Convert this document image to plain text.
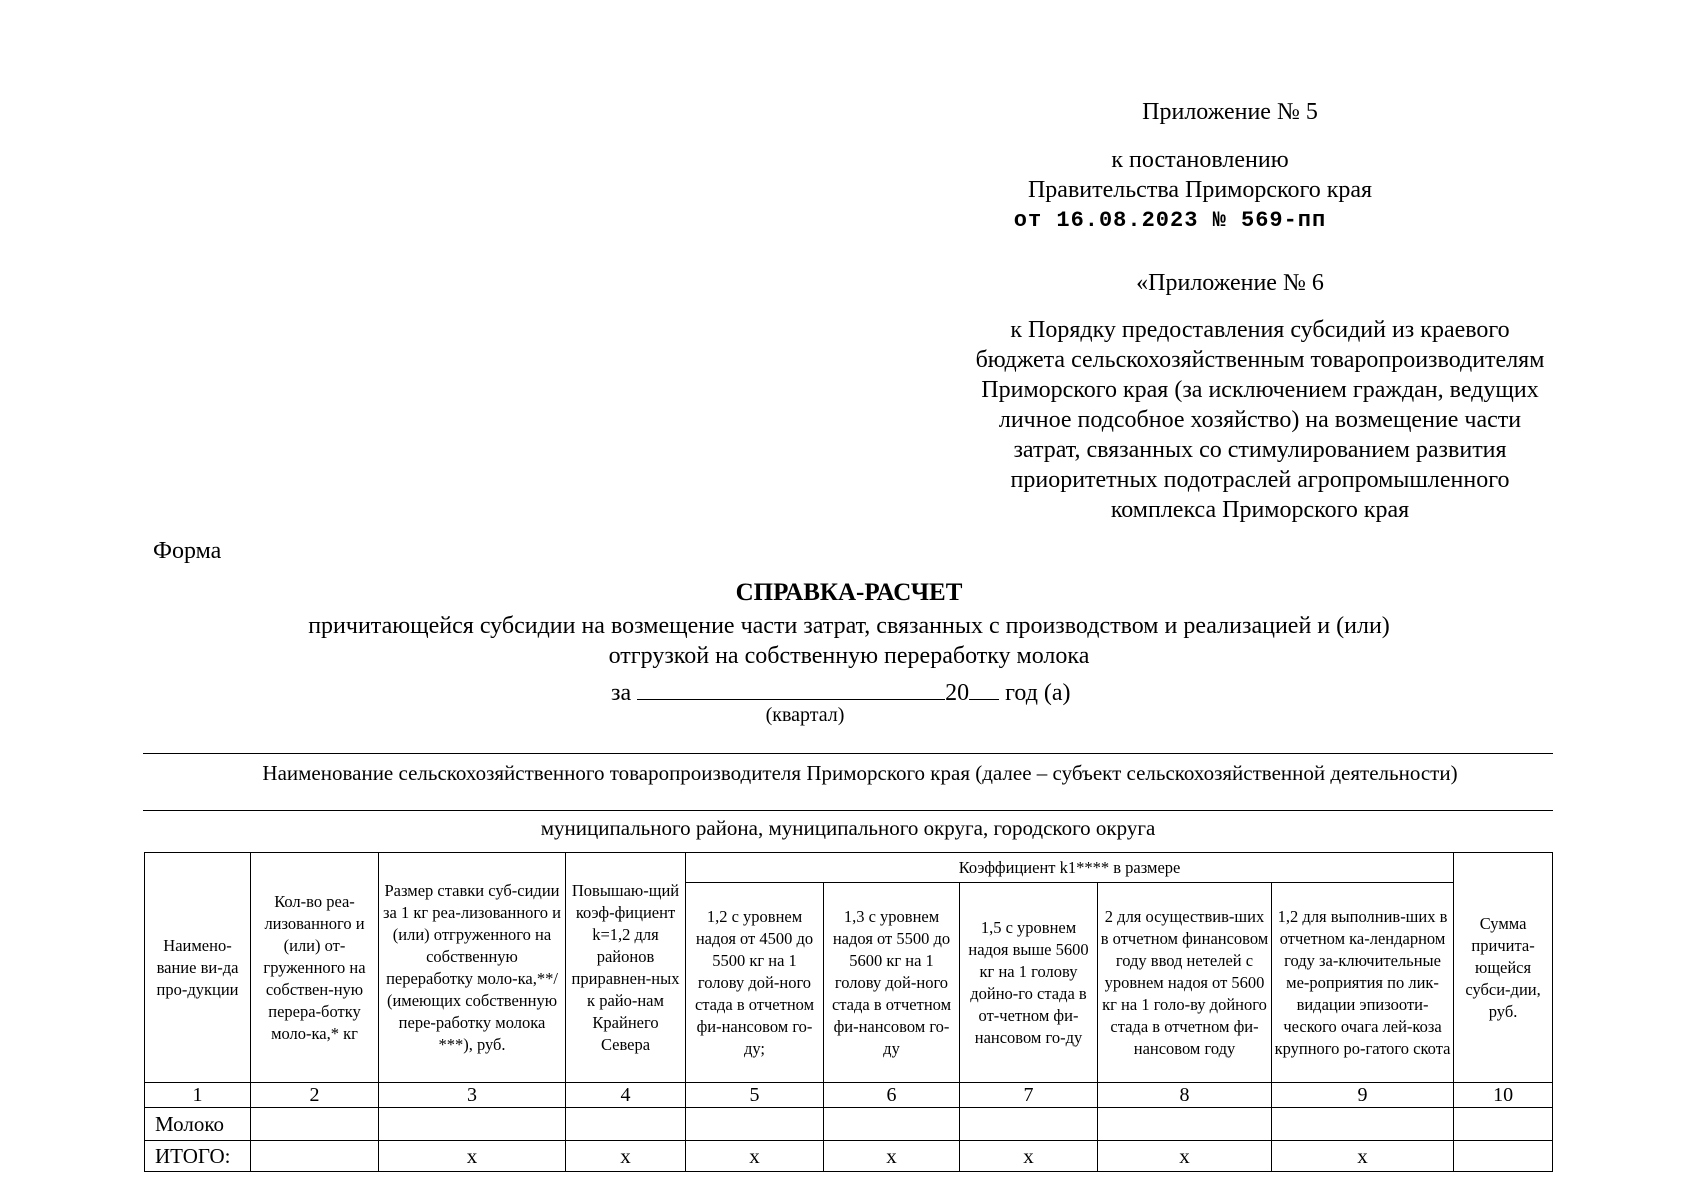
Приложение № 5
к постановлению
Правительства Приморского края
от 16.08.2023 № 569-пп
«Приложение № 6
к Порядку предоставления субсидий из краевого
бюджета сельскохозяйственным товаропроизводителям
Приморского края (за исключением граждан, ведущих
личное подсобное хозяйство) на возмещение части
затрат, связанных со стимулированием развития
приоритетных подотраслей агропромышленного
комплекса Приморского края
Форма
СПРАВКА-РАСЧЕТ
причитающейся субсидии на возмещение части затрат, связанных с производством и реализацией и (или)
отгрузкой на собственную переработку молока
за	20 год (а)
(квартал)
Наименование сельскохозяйственного товаропроизводителя Приморского края (далее – субъект сельскохозяйственной деятельности)
муниципального района, муниципального округа, городского округа
Наимено-вание ви-да про-дукции	Кол-во реа-лизованного и (или) от-груженного на собствен-ную перера-ботку моло-ка,* кг	Размер ставки суб-сидии за 1 кг реа-лизованного и (или) отгруженного на собственную переработку моло-ка,**/ (имеющих собственную пере-работку молока ***), руб.	Повышаю-щий коэф-фициент k=1,2 для районов приравнен-ных к райо-нам Крайнего Севера	Коэффициент k1**** в размере					Сумма причита-ющейся субси-дии, руб.
				1,2 с уровнем надоя от 4500 до 5500 кг на 1 голову дой-ного стада в отчетном фи-нансовом го-ду;	1,3 с уровнем надоя от 5500 до 5600 кг на 1 голову дой-ного стада в отчетном фи-нансовом го-ду	1,5 с уровнем надоя выше 5600 кг на 1 голову дойно-го стада в от-четном фи-нансовом го-ду	2 для осуществив-ших в отчетном финансовом году ввод нетелей с уровнем надоя от 5600 кг на 1 голо-ву дойного стада в отчетном фи-нансовом году	1,2 для выполнив-ших в отчетном ка-лендарном году за-ключительные ме-роприятия по лик-видации эпизооти-ческого очага лей-коза крупного ро-гатого скота	
1	2	3	4	5	6	7	8	9	10
Молоко									
ИТОГО:		х	х	х	х	х	х	х	
